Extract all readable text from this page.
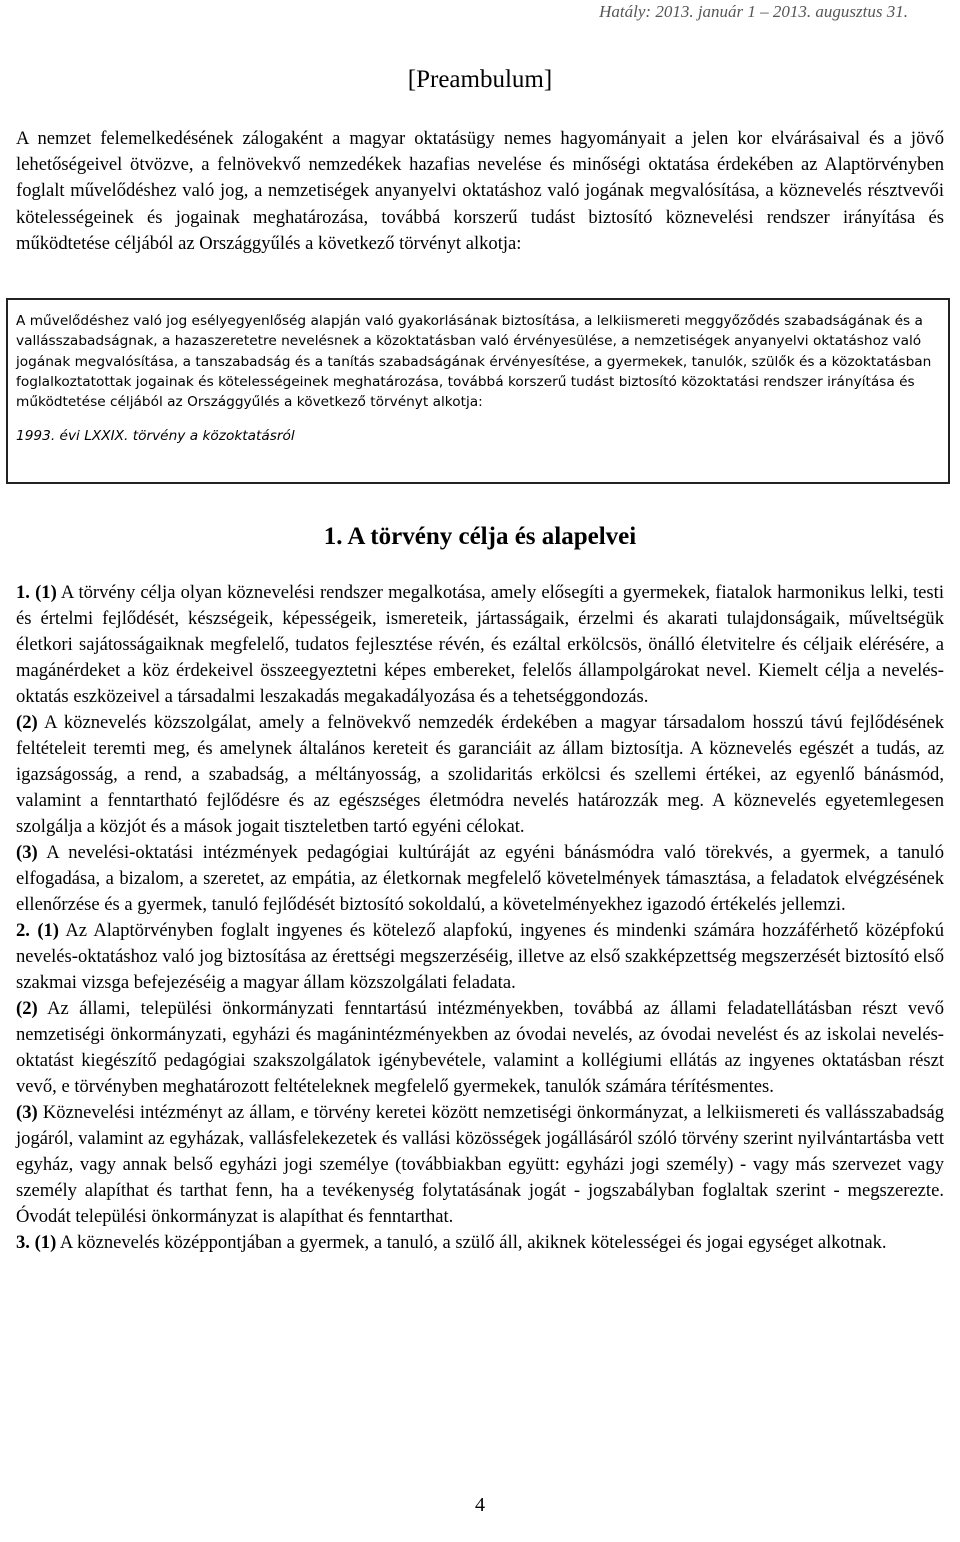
Hatály: 2013. január 1 – 2013. augusztus 31.
[Preambulum]
A nemzet felemelkedésének zálogaként a magyar oktatásügy nemes hagyományait a jelen kor elvárásaival és a jövő lehetőségeivel ötvözve, a felnövekvő nemzedékek hazafias nevelése és minőségi oktatása érdekében az Alaptörvényben foglalt művelődéshez való jog, a nemzetiségek anyanyelvi oktatáshoz való jogának megvalósítása, a köznevelés résztvevői kötelességeinek és jogainak meghatározása, továbbá korszerű tudást biztosító köznevelési rendszer irányítása és működtetése céljából az Országgyűlés a következő törvényt alkotja:
A művelődéshez való jog esélyegyenlőség alapján való gyakorlásának biztosítása, a lelkiismereti meggyőződés szabadságának és a vallásszabadságnak, a hazaszeretetre nevelésnek a közoktatásban való érvényesülése, a nemzetiségek anyanyelvi oktatáshoz való jogának megvalósítása, a tanszabadság és a tanítás szabadságának érvényesítése, a gyermekek, tanulók, szülők és a közoktatásban foglalkoztatottak jogainak és kötelességeinek meghatározása, továbbá korszerű tudást biztosító közoktatási rendszer irányítása és működtetése céljából az Országgyűlés a következő törvényt alkotja:
1993. évi LXXIX. törvény a közoktatásról
1. A törvény célja és alapelvei

1. (1) A törvény célja olyan köznevelési rendszer megalkotása, amely elősegíti a gyermekek, fiatalok harmonikus lelki, testi és értelmi fejlődését, készségeik, képességeik, ismereteik, jártasságaik, érzelmi és akarati tulajdonságaik, műveltségük életkori sajátosságaiknak megfelelő, tudatos fejlesztése révén, és ezáltal erkölcsös, önálló életvitelre és céljaik elérésére, a magánérdeket a köz érdekeivel összeegyeztetni képes embereket, felelős állampolgárokat nevel. Kiemelt célja a nevelés-oktatás eszközeivel a társadalmi leszakadás megakadályozása és a tehetséggondozás.

(2) A köznevelés közszolgálat, amely a felnövekvő nemzedék érdekében a magyar társadalom hosszú távú fejlődésének feltételeit teremti meg, és amelynek általános kereteit és garanciáit az állam biztosítja. A köznevelés egészét a tudás, az igazságosság, a rend, a szabadság, a méltányosság, a szolidaritás erkölcsi és szellemi értékei, az egyenlő bánásmód, valamint a fenntartható fejlődésre és az egészséges életmódra nevelés határozzák meg. A köznevelés egyetemlegesen szolgálja a közjót és a mások jogait tiszteletben tartó egyéni célokat.

(3) A nevelési-oktatási intézmények pedagógiai kultúráját az egyéni bánásmódra való törekvés, a gyermek, a tanuló elfogadása, a bizalom, a szeretet, az empátia, az életkornak megfelelő követelmények támasztása, a feladatok elvégzésének ellenőrzése és a gyermek, tanuló fejlődését biztosító sokoldalú, a követelményekhez igazodó értékelés jellemzi.

2. (1) Az Alaptörvényben foglalt ingyenes és kötelező alapfokú, ingyenes és mindenki számára hozzáférhető középfokú nevelés-oktatáshoz való jog biztosítása az érettségi megszerzéséig, illetve az első szakképzettség megszerzését biztosító első szakmai vizsga befejezéséig a magyar állam közszolgálati feladata.

(2) Az állami, települési önkormányzati fenntartású intézményekben, továbbá az állami feladatellátásban részt vevő nemzetiségi önkormányzati, egyházi és magánintézményekben az óvodai nevelés, az óvodai nevelést és az iskolai nevelés-oktatást kiegészítő pedagógiai szakszolgálatok igénybevétele, valamint a kollégiumi ellátás az ingyenes oktatásban részt vevő, e törvényben meghatározott feltételeknek megfelelő gyermekek, tanulók számára térítésmentes.

(3) Köznevelési intézményt az állam, e törvény keretei között nemzetiségi önkormányzat, a lelkiismereti és vallásszabadság jogáról, valamint az egyházak, vallásfelekezetek és vallási közösségek jogállásáról szóló törvény szerint nyilvántartásba vett egyház, vagy annak belső egyházi jogi személye (továbbiakban együtt: egyházi jogi személy) - vagy más szervezet vagy személy alapíthat és tarthat fenn, ha a tevékenység folytatásának jogát - jogszabályban foglaltak szerint - megszerezte. Óvodát települési önkormányzat is alapíthat és fenntarthat.

3. (1) A köznevelés középpontjában a gyermek, a tanuló, a szülő áll, akiknek kötelességei és jogai egységet alkotnak.

4
